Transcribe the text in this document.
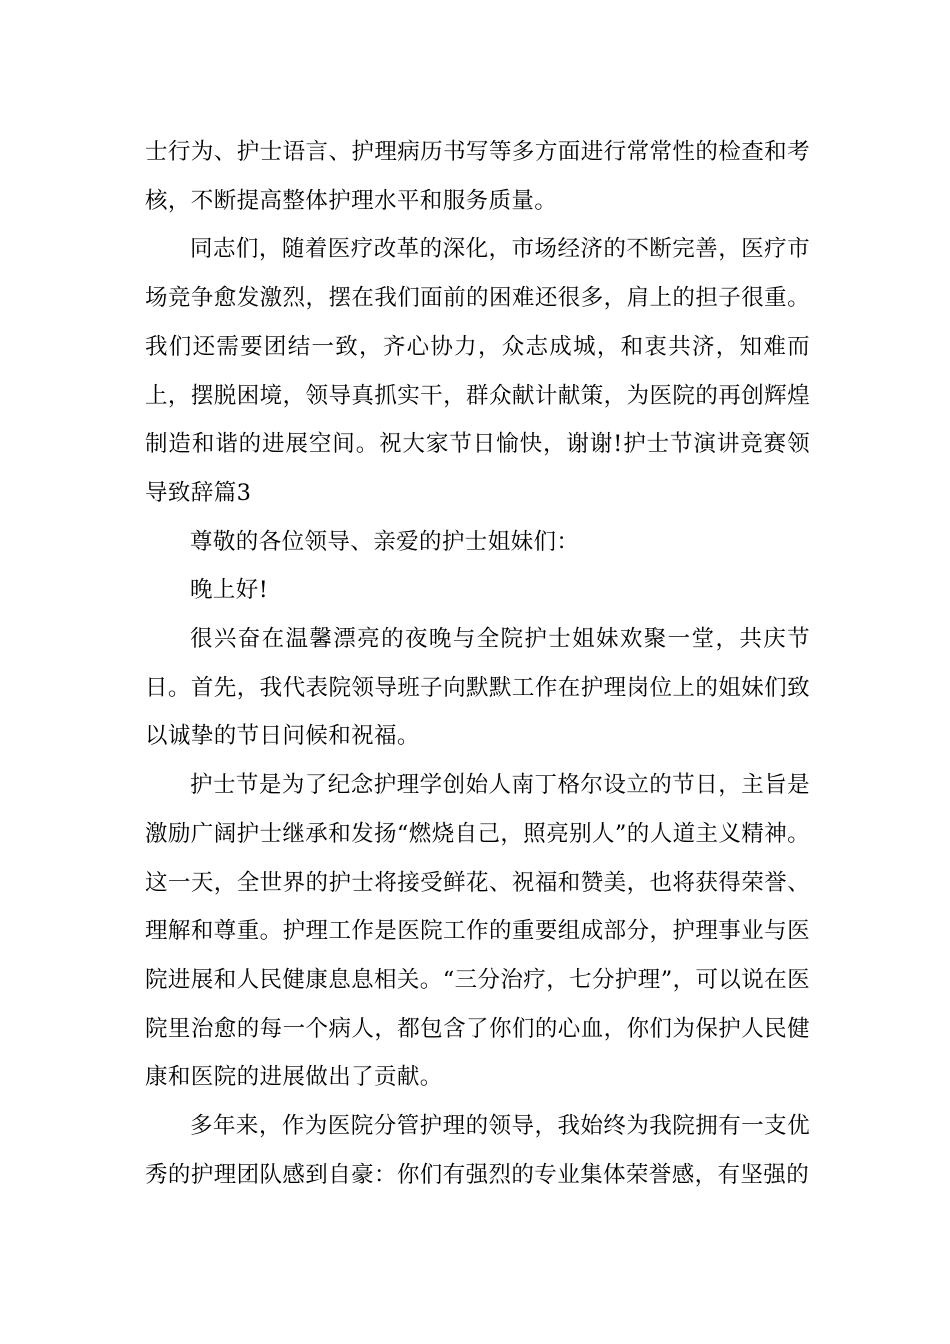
士行为、护士语言、护理病历书写等多方面进行常常性的检查和考核，不断提高整体护理水平和服务质量。

同志们，随着医疗改革的深化，市场经济的不断完善，医疗市场竞争愈发激烈，摆在我们面前的困难还很多，肩上的担子很重。我们还需要团结一致，齐心协力，众志成城，和衷共济，知难而上，摆脱困境，领导真抓实干，群众献计献策，为医院的再创辉煌制造和谐的进展空间。祝大家节日愉快，谢谢!护士节演讲竞赛领导致辞篇3

尊敬的各位领导、亲爱的护士姐妹们：

晚上好!

很兴奋在温馨漂亮的夜晚与全院护士姐妹欢聚一堂，共庆节日。首先，我代表院领导班子向默默工作在护理岗位上的姐妹们致以诚挚的节日问候和祝福。

护士节是为了纪念护理学创始人南丁格尔设立的节日，主旨是激励广阔护士继承和发扬“燃烧自己，照亮别人”的人道主义精神。这一天，全世界的护士将接受鲜花、祝福和赞美，也将获得荣誉、理解和尊重。护理工作是医院工作的重要组成部分，护理事业与医院进展和人民健康息息相关。“三分治疗，七分护理”，可以说在医院里治愈的每一个病人，都包含了你们的心血，你们为保护人民健康和医院的进展做出了贡献。

多年来，作为医院分管护理的领导，我始终为我院拥有一支优秀的护理团队感到自豪：你们有强烈的专业集体荣誉感，有坚强的
